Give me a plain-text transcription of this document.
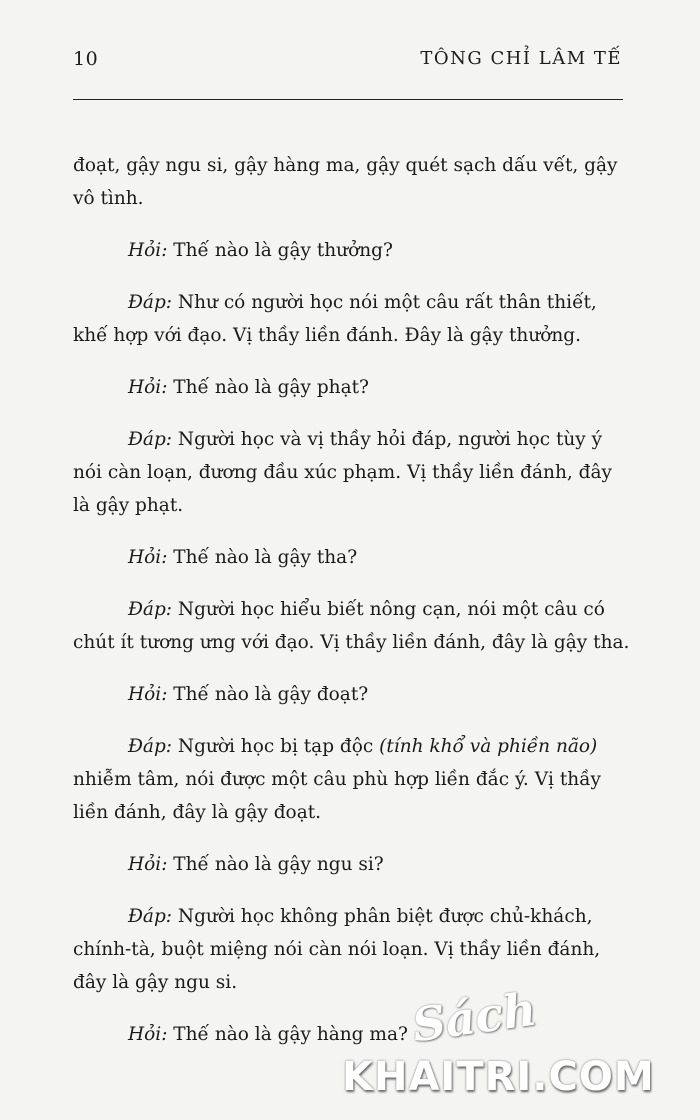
10	TÔNG CHỈ LÂM TẾ

đoạt, gậy ngu si, gậy hàng ma, gậy quét sạch dấu vết, gậy vô tình.

Hỏi: Thế nào là gậy thưởng?

Đáp: Như có người học nói một câu rất thân thiết, khế hợp với đạo. Vị thầy liền đánh. Đây là gậy thưởng.

Hỏi: Thế nào là gậy phạt?

Đáp: Người học và vị thầy hỏi đáp, người học tùy ý nói càn loạn, đương đầu xúc phạm. Vị thầy liền đánh, đây là gậy phạt.

Hỏi: Thế nào là gậy tha?

Đáp: Người học hiểu biết nông cạn, nói một câu có chút ít tương ưng với đạo. Vị thầy liền đánh, đây là gậy tha.

Hỏi: Thế nào là gậy đoạt?

Đáp: Người học bị tạp độc (tính khổ và phiền não) nhiễm tâm, nói được một câu phù hợp liền đắc ý. Vị thầy liền đánh, đây là gậy đoạt.

Hỏi: Thế nào là gậy ngu si?

Đáp: Người học không phân biệt được chủ-khách, chính-tà, buột miệng nói càn nói loạn. Vị thầy liền đánh, đây là gậy ngu si.

Hỏi: Thế nào là gậy hàng ma? Sách
KHAITRI.COM
